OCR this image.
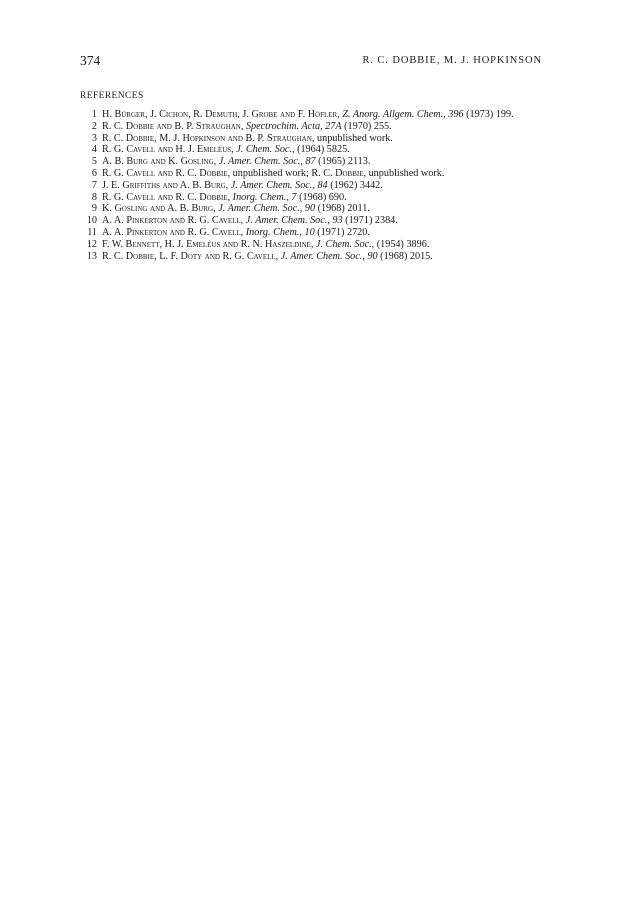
374	R. C. DOBBIE, M. J. HOPKINSON
REFERENCES
1 H. Bürger, J. Cichon, R. Demuth, J. Grobe and F. Höfler, Z. Anorg. Allgem. Chem., 396 (1973) 199.
2 R. C. Dobbie and B. P. Straughan, Spectrochim. Acta, 27A (1970) 255.
3 R. C. Dobbie, M. J. Hopkinson and B. P. Straughan, unpublished work.
4 R. G. Cavell and H. J. Emeléus, J. Chem. Soc., (1964) 5825.
5 A. B. Burg and K. Gosling, J. Amer. Chem. Soc., 87 (1965) 2113.
6 R. G. Cavell and R. C. Dobbie, unpublished work; R. C. Dobbie, unpublished work.
7 J. E. Griffiths and A. B. Burg, J. Amer. Chem. Soc., 84 (1962) 3442.
8 R. G. Cavell and R. C. Dobbie, Inorg. Chem., 7 (1968) 690.
9 K. Gosling and A. B. Burg, J. Amer. Chem. Soc., 90 (1968) 2011.
10 A. A. Pinkerton and R. G. Cavell, J. Amer. Chem. Soc., 93 (1971) 2384.
11 A. A. Pinkerton and R. G. Cavell, Inorg. Chem., 10 (1971) 2720.
12 F. W. Bennett, H. J. Emeléus and R. N. Haszeldine, J. Chem. Soc., (1954) 3896.
13 R. C. Dobbie, L. F. Doty and R. G. Cavell, J. Amer. Chem. Soc., 90 (1968) 2015.
